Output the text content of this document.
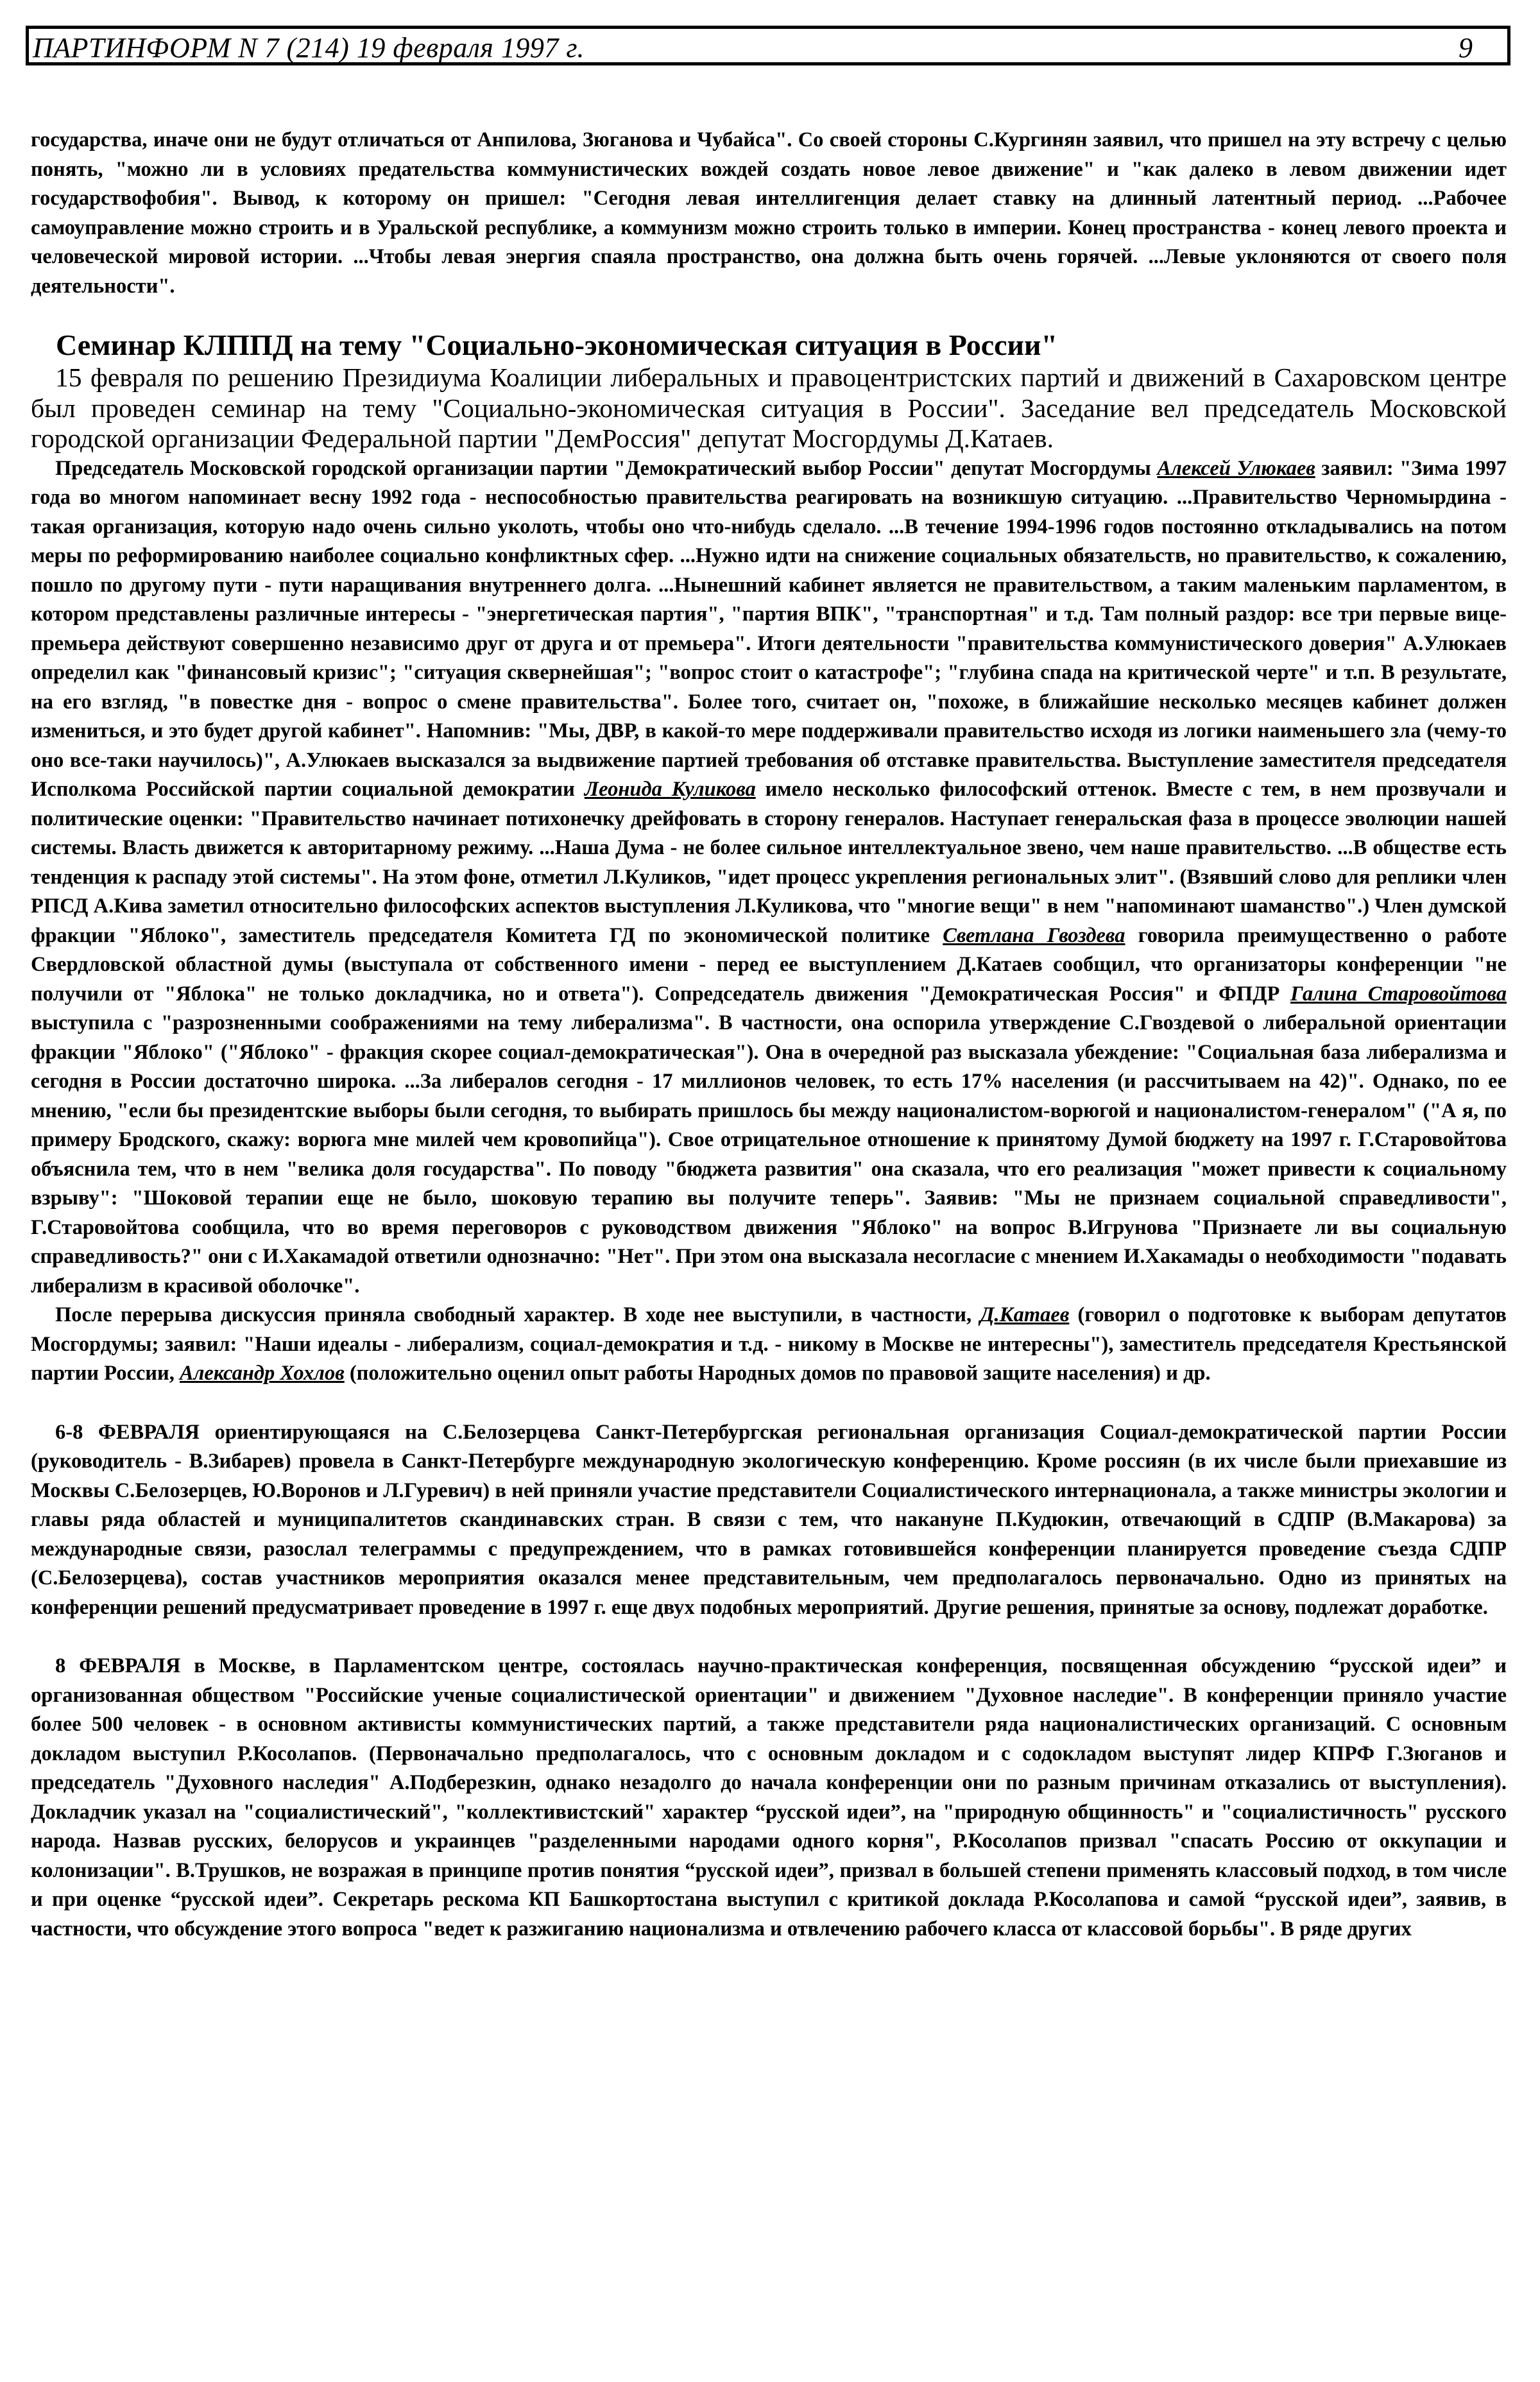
ПАРТИНФОРМ N 7 (214) 19 февраля 1997 г.	9

государства, иначе они не будут отличаться от Анпилова, Зюганова и Чубайса". Со своей стороны С.Кургинян заявил, что пришел на эту встречу с целью понять, "можно ли в условиях предательства коммунистических вождей создать новое левое движение" и "как далеко в левом движении идет государствофобия". Вывод, к которому он пришел: "Сегодня левая интеллигенция делает ставку на длинный латентный период. ...Рабочее самоуправление можно строить и в Уральской республике, а коммунизм можно строить только в империи. Конец пространства - конец левого проекта и человеческой мировой истории. ...Чтобы левая энергия спаяла пространство, она должна быть очень горячей. ...Левые уклоняются от своего поля деятельности".

Семинар КЛППД на тему "Социально-экономическая ситуация в России"

15 февраля по решению Президиума Коалиции либеральных и правоцентристских партий и движений в Сахаровском центре был проведен семинар на тему "Социально-экономическая ситуация в России". Заседание вел председатель Московской городской организации Федеральной партии "ДемРоссия" депутат Мосгордумы Д.Катаев.

Председатель Московской городской организации партии "Демократический выбор России" депутат Мосгордумы Алексей Улюкаев заявил: "Зима 1997 года во многом напоминает весну 1992 года - неспособностью правительства реагировать на возникшую ситуацию. ...Правительство Черномырдина - такая организация, которую надо очень сильно уколоть, чтобы оно что-нибудь сделало. ...В течение 1994-1996 годов постоянно откладывались на потом меры по реформированию наиболее социально конфликтных сфер. ...Нужно идти на снижение социальных обязательств, но правительство, к сожалению, пошло по другому пути - пути наращивания внутреннего долга. ...Нынешний кабинет является не правительством, а таким маленьким парламентом, в котором представлены различные интересы - "энергетическая партия", "партия ВПК", "транспортная" и т.д. Там полный раздор: все три первые вице-премьера действуют совершенно независимо друг от друга и от премьера". Итоги деятельности "правительства коммунистического доверия" А.Улюкаев определил как "финансовый кризис"; "ситуация сквернейшая"; "вопрос стоит о катастрофе"; "глубина спада на критической черте" и т.п. В результате, на его взгляд, "в повестке дня - вопрос о смене правительства". Более того, считает он, "похоже, в ближайшие несколько месяцев кабинет должен измениться, и это будет другой кабинет". Напомнив: "Мы, ДВР, в какой-то мере поддерживали правительство исходя из логики наименьшего зла (чему-то оно все-таки научилось)", А.Улюкаев высказался за выдвижение партией требования об отставке правительства. Выступление заместителя председателя Исполкома Российской партии социальной демократии Леонида Куликова имело несколько философский оттенок. Вместе с тем, в нем прозвучали и политические оценки: "Правительство начинает потихонечку дрейфовать в сторону генералов. Наступает генеральская фаза в процессе эволюции нашей системы. Власть движется к авторитарному режиму. ...Наша Дума - не более сильное интеллектуальное звено, чем наше правительство. ...В обществе есть тенденция к распаду этой системы". На этом фоне, отметил Л.Куликов, "идет процесс укрепления региональных элит". (Взявший слово для реплики член РПСД А.Кива заметил относительно философских аспектов выступления Л.Куликова, что "многие вещи" в нем "напоминают шаманство".) Член думской фракции "Яблоко", заместитель председателя Комитета ГД по экономической политике Светлана Гвоздева говорила преимущественно о работе Свердловской областной думы (выступала от собственного имени - перед ее выступлением Д.Катаев сообщил, что организаторы конференции "не получили от "Яблока" не только докладчика, но и ответа"). Сопредседатель движения "Демократическая Россия" и ФПДР Галина Старовойтова выступила с "разрозненными соображениями на тему либерализма". В частности, она оспорила утверждение С.Гвоздевой о либеральной ориентации фракции "Яблоко" ("Яблоко" - фракция скорее социал-демократическая"). Она в очередной раз высказала убеждение: "Социальная база либерализма и сегодня в России достаточно широка. ...За либералов сегодня - 17 миллионов человек, то есть 17% населения (и рассчитываем на 42)". Однако, по ее мнению, "если бы президентские выборы были сегодня, то выбирать пришлось бы между националистом-ворюгой и националистом-генералом" ("А я, по примеру Бродского, скажу: ворюга мне милей чем кровопийца"). Свое отрицательное отношение к принятому Думой бюджету на 1997 г. Г.Старовойтова объяснила тем, что в нем "велика доля государства". По поводу "бюджета развития" она сказала, что его реализация "может привести к социальному взрыву": "Шоковой терапии еще не было, шоковую терапию вы получите теперь". Заявив: "Мы не признаем социальной справедливости", Г.Старовойтова сообщила, что во время переговоров с руководством движения "Яблоко" на вопрос В.Игрунова "Признаете ли вы социальную справедливость?" они с И.Хакамадой ответили однозначно: "Нет". При этом она высказала несогласие с мнением И.Хакамады о необходимости "подавать либерализм в красивой оболочке".

После перерыва дискуссия приняла свободный характер. В ходе нее выступили, в частности, Д.Катаев (говорил о подготовке к выборам депутатов Мосгордумы; заявил: "Наши идеалы - либерализм, социал-демократия и т.д. - никому в Москве не интересны"), заместитель председателя Крестьянской партии России, Александр Хохлов (положительно оценил опыт работы Народных домов по правовой защите населения) и др.

6-8 ФЕВРАЛЯ ориентирующаяся на С.Белозерцева Санкт-Петербургская региональная организация Социал-демократической партии России (руководитель - В.Зибарев) провела в Санкт-Петербурге международную экологическую конференцию. Кроме россиян (в их числе были приехавшие из Москвы С.Белозерцев, Ю.Воронов и Л.Гуревич) в ней приняли участие представители Социалистического интернационала, а также министры экологии и главы ряда областей и муниципалитетов скандинавских стран. В связи с тем, что накануне П.Кудюкин, отвечающий в СДПР (В.Макарова) за международные связи, разослал телеграммы с предупреждением, что в рамках готовившейся конференции планируется проведение съезда СДПР (С.Белозерцева), состав участников мероприятия оказался менее представительным, чем предполагалось первоначально. Одно из принятых на конференции решений предусматривает проведение в 1997 г. еще двух подобных мероприятий. Другие решения, принятые за основу, подлежат доработке.

8 ФЕВРАЛЯ в Москве, в Парламентском центре, состоялась научно-практическая конференция, посвященная обсуждению “русской идеи” и организованная обществом "Российские ученые социалистической ориентации" и движением "Духовное наследие". В конференции приняло участие более 500 человек - в основном активисты коммунистических партий, а также представители ряда националистических организаций. С основным докладом выступил Р.Косолапов. (Первоначально предполагалось, что с основным докладом и с содокладом выступят лидер КПРФ Г.Зюганов и председатель "Духовного наследия" А.Подберезкин, однако незадолго до начала конференции они по разным причинам отказались от выступления). Докладчик указал на "социалистический", "коллективистский" характер “русской идеи”, на "природную общинность" и "социалистичность" русского народа. Назвав русских, белорусов и украинцев "разделенными народами одного корня", Р.Косолапов призвал "спасать Россию от оккупации и колонизации". В.Трушков, не возражая в принципе против понятия “русской идеи”, призвал в большей степени применять классовый подход, в том числе и при оценке “русской идеи”. Секретарь рескома КП Башкортостана выступил с критикой доклада Р.Косолапова и самой “русской идеи”, заявив, в частности, что обсуждение этого вопроса "ведет к разжиганию национализма и отвлечению рабочего класса от классовой борьбы". В ряде других
